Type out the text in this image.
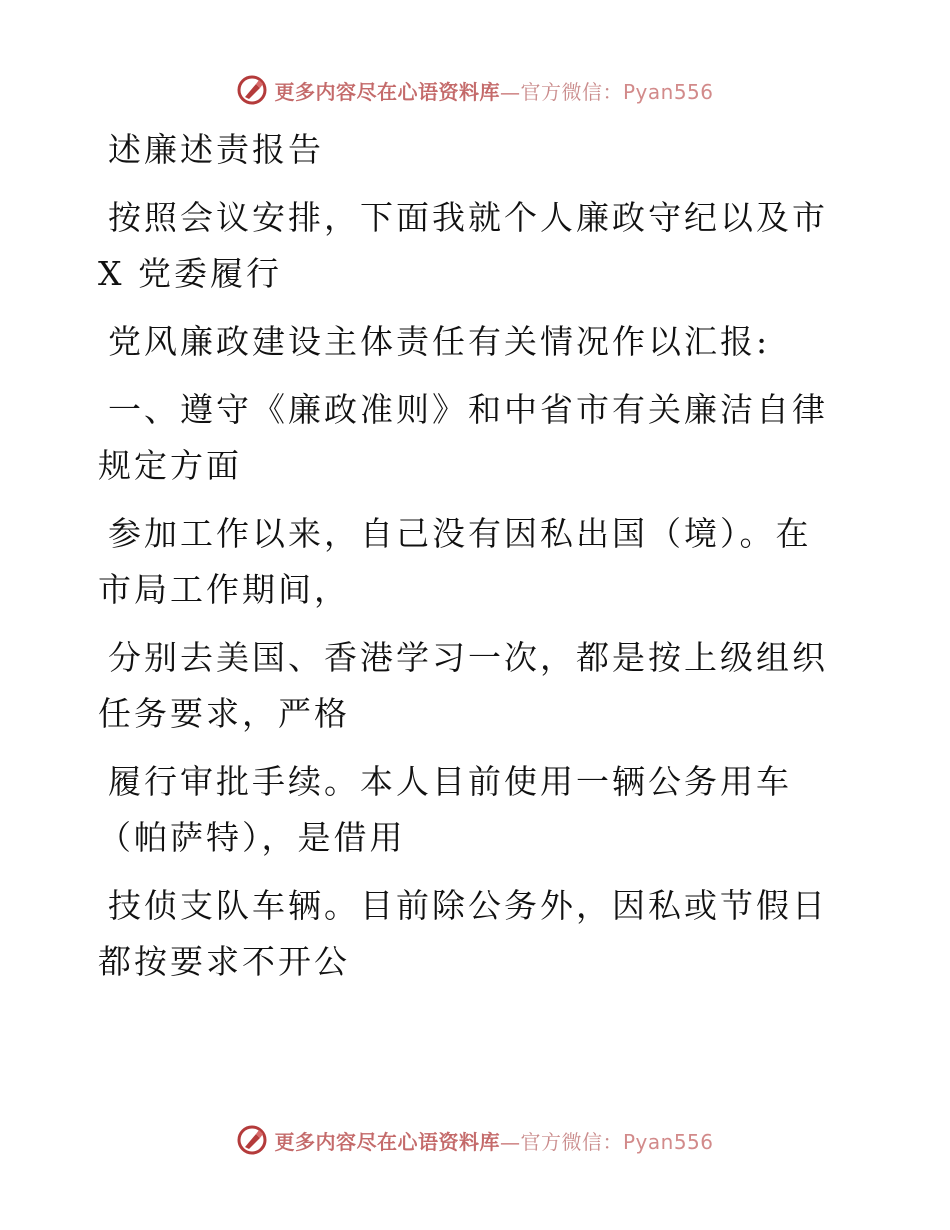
更多内容尽在心语资料库—官方微信：Pyan556

述廉述责报告

按照会议安排，下面我就个人廉政守纪以及市 X 党委履行

党风廉政建设主体责任有关情况作以汇报:

一、遵守《廉政准则》和中省市有关廉洁自律规定方面

参加工作以来，自己没有因私出国（境）。在市局工作期间，

分别去美国、香港学习一次，都是按上级组织任务要求，严格

履行审批手续。本人目前使用一辆公务用车（帕萨特），是借用

技侦支队车辆。目前除公务外，因私或节假日都按要求不开公

更多内容尽在心语资料库—官方微信：Pyan556
